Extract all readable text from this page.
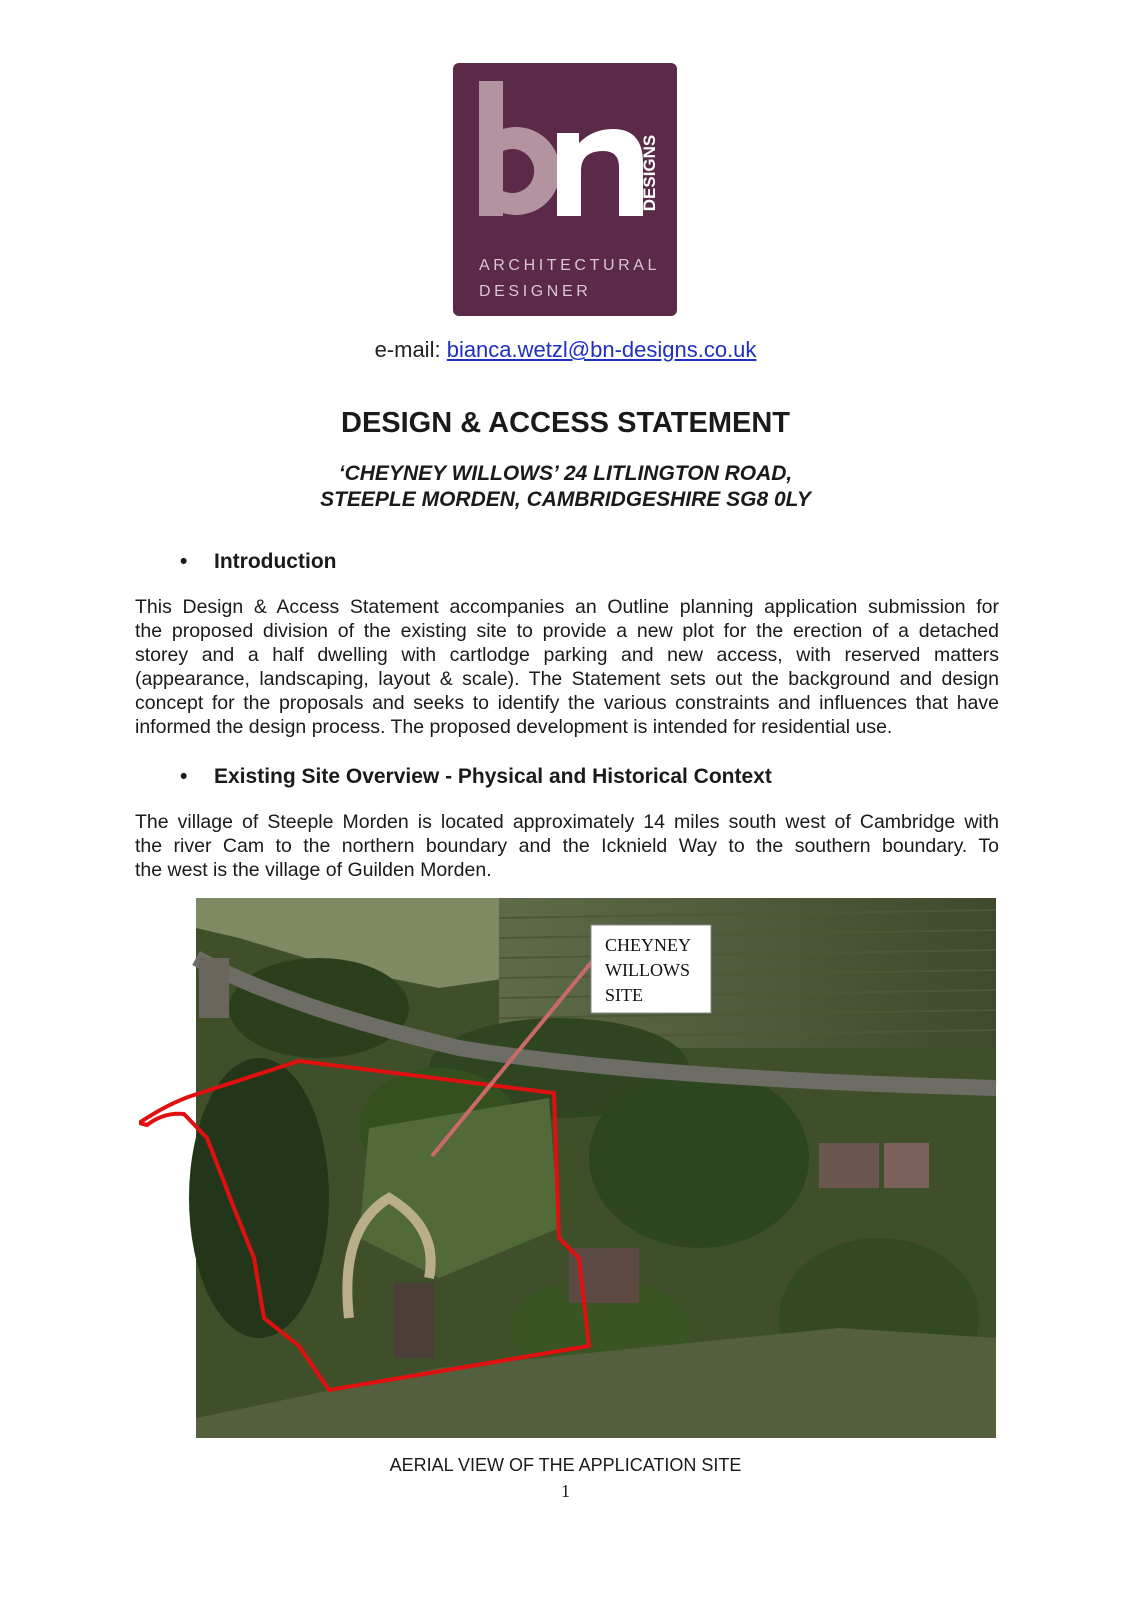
DESIGNS
ARCHITECTURAL
DESIGNER
e-mail: bianca.wetzl@bn-designs.co.uk
DESIGN & ACCESS STATEMENT
‘CHEYNEY WILLOWS’ 24 LITLINGTON ROAD,
STEEPLE MORDEN, CAMBRIDGESHIRE SG8 0LY
• Introduction
This Design & Access Statement accompanies an Outline planning application submission for
the proposed division of the existing site to provide a new plot for the erection of a detached
storey and a half dwelling with cartlodge parking and new access, with reserved matters
(appearance, landscaping, layout & scale). The Statement sets out the background and design
concept for the proposals and seeks to identify the various constraints and influences that have
informed the design process. The proposed development is intended for residential use.
• Existing Site Overview - Physical and Historical Context
The village of Steeple Morden is located approximately 14 miles south west of Cambridge with
the river Cam to the northern boundary and the Icknield Way to the southern boundary. To
the west is the village of Guilden Morden.
CHEYNEY
WILLOWS
SITE
AERIAL VIEW OF THE APPLICATION SITE
1
